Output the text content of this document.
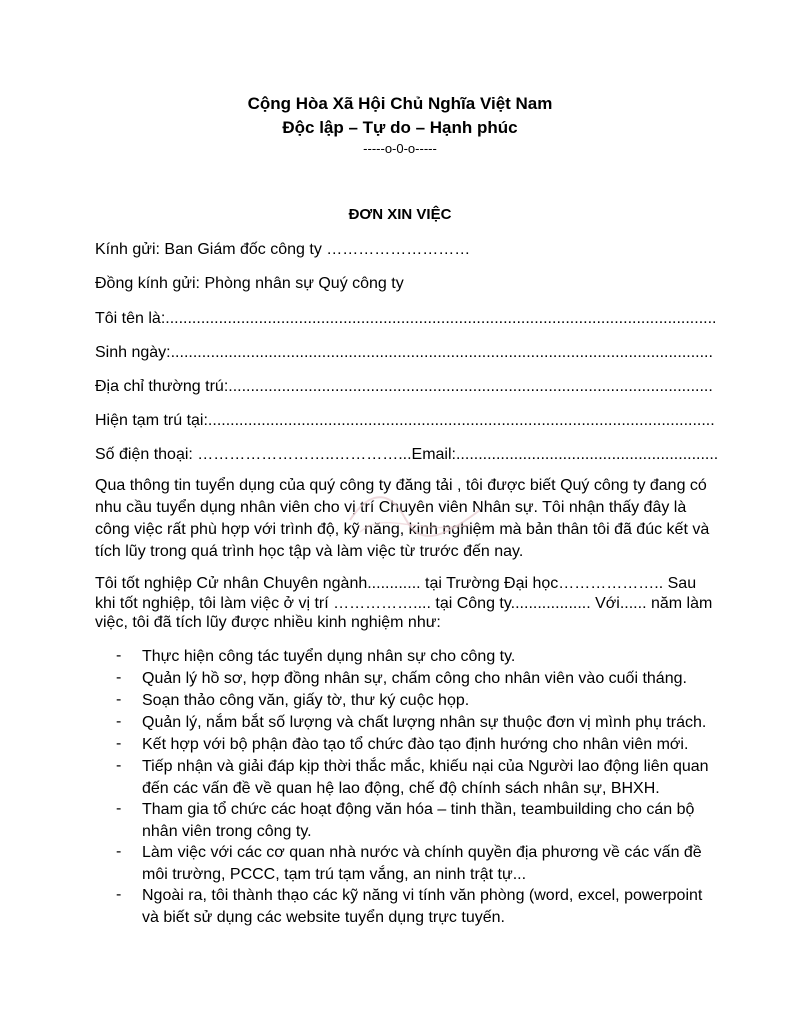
Cộng Hòa Xã Hội Chủ Nghĩa Việt Nam
Độc lập – Tự do – Hạnh phúc
-----o-0-o-----
ĐƠN XIN VIỆC
Kính gửi: Ban Giám đốc công ty ………………………
Đồng kính gửi: Phòng nhân sự Quý công ty
Tôi tên là:............................................................................................................................
Sinh ngày:..........................................................................................................................
Địa chỉ thường trú:.............................................................................................................
Hiện tạm trú tại:..................................................................................................................
Số điện thoại: ……………………..…………...Email:...........................................................
Qua thông tin tuyển dụng của quý công ty đăng tải , tôi được biết Quý công ty đang có
nhu cầu tuyển dụng nhân viên cho vị trí Chuyên viên Nhân sự. Tôi nhận thấy đây là
công việc rất phù hợp với trình độ, kỹ năng, kinh nghiệm mà bản thân tôi đã đúc kết và
tích lũy trong quá trình học tập và làm việc từ trước đến nay.
Tôi tốt nghiệp Cử nhân Chuyên ngành............ tại Trường Đại học……………….. Sau
khi tốt nghiệp, tôi làm việc ở vị trí …………….... tại Công ty.................. Với...... năm làm
việc, tôi đã tích lũy được nhiều kinh nghiệm như:
- Thực hiện công tác tuyển dụng nhân sự cho công ty.
- Quản lý hồ sơ, hợp đồng nhân sự, chấm công cho nhân viên vào cuối tháng.
- Soạn thảo công văn, giấy tờ, thư ký cuộc họp.
- Quản lý, nắm bắt số lượng và chất lượng nhân sự thuộc đơn vị mình phụ trách.
- Kết hợp với bộ phận đào tạo tổ chức đào tạo định hướng cho nhân viên mới.
- Tiếp nhận và giải đáp kịp thời thắc mắc, khiếu nại của Người lao động liên quan
đến các vấn đề về quan hệ lao động, chế độ chính sách nhân sự, BHXH.
- Tham gia tổ chức các hoạt động văn hóa – tinh thần, teambuilding cho cán bộ
nhân viên trong công ty.
- Làm việc với các cơ quan nhà nước và chính quyền địa phương về các vấn đề
môi trường, PCCC, tạm trú tạm vắng, an ninh trật tự...
- Ngoài ra, tôi thành thạo các kỹ năng vi tính văn phòng (word, excel, powerpoint
và biết sử dụng các website tuyển dụng trực tuyến.
